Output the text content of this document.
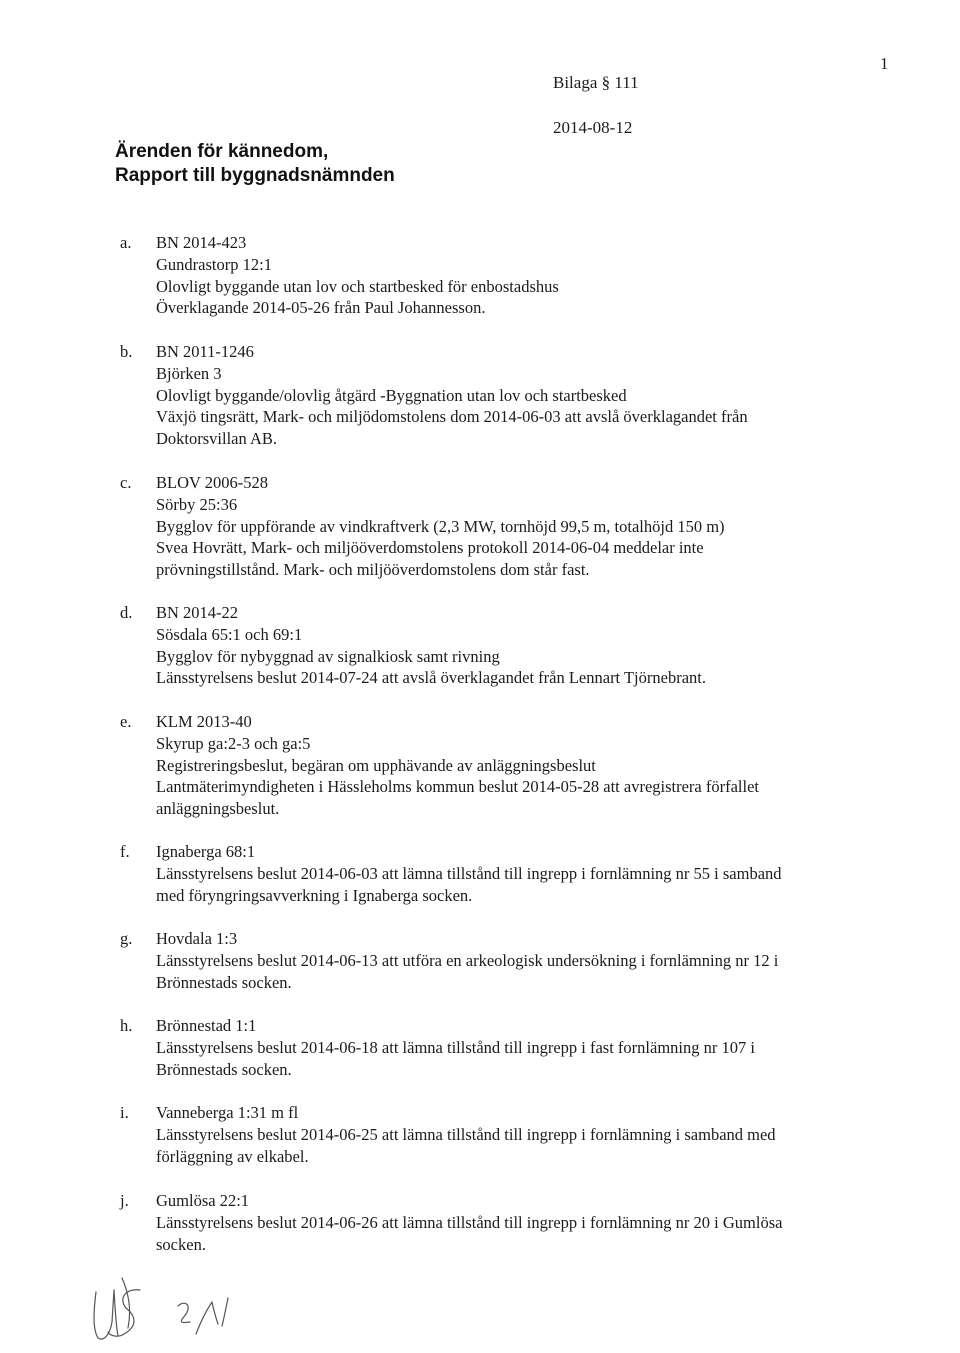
1
Bilaga § 111
2014-08-12
Ärenden för kännedom,
Rapport till byggnadsnämnden
a. BN 2014-423
Gundrastorp 12:1
Olovligt byggande utan lov och startbesked för enbostadshus
Överklagande 2014-05-26 från Paul Johannesson.
b. BN 2011-1246
Björken 3
Olovligt byggande/olovlig åtgärd -Byggnation utan lov och startbesked
Växjö tingsrätt, Mark- och miljödomstolens dom 2014-06-03 att avslå överklagandet från
Doktorsvillan AB.
c. BLOV 2006-528
Sörby 25:36
Bygglov för uppförande av vindkraftverk (2,3 MW, tornhöjd 99,5 m, totalhöjd 150 m)
Svea Hovrätt, Mark- och miljööverdomstolens protokoll 2014-06-04 meddelar inte
prövningstillstånd. Mark- och miljööverdomstolens dom står fast.
d. BN 2014-22
Sösdala 65:1 och 69:1
Bygglov för nybyggnad av signalkiosk samt rivning
Länsstyrelsens beslut 2014-07-24 att avslå överklagandet från Lennart Tjörnebrant.
e. KLM 2013-40
Skyrup ga:2-3 och ga:5
Registreringsbeslut, begäran om upphävande av anläggningsbeslut
Lantmäterimyndigheten i Hässleholms kommun beslut 2014-05-28 att avregistrera förfallet
anläggningsbeslut.
f. Ignaberga 68:1
Länsstyrelsens beslut 2014-06-03 att lämna tillstånd till ingrepp i fornlämning nr 55 i samband
med föryngringsavverkning i Ignaberga socken.
g. Hovdala 1:3
Länsstyrelsens beslut 2014-06-13 att utföra en arkeologisk undersökning i fornlämning nr 12 i
Brönnestads socken.
h. Brönnestad 1:1
Länsstyrelsens beslut 2014-06-18 att lämna tillstånd till ingrepp i fast fornlämning nr 107 i
Brönnestads socken.
i. Vanneberga 1:31 m fl
Länsstyrelsens beslut 2014-06-25 att lämna tillstånd till ingrepp i fornlämning i samband med
förläggning av elkabel.
j. Gumlösa 22:1
Länsstyrelsens beslut 2014-06-26 att lämna tillstånd till ingrepp i fornlämning nr 20 i Gumlösa
socken.
